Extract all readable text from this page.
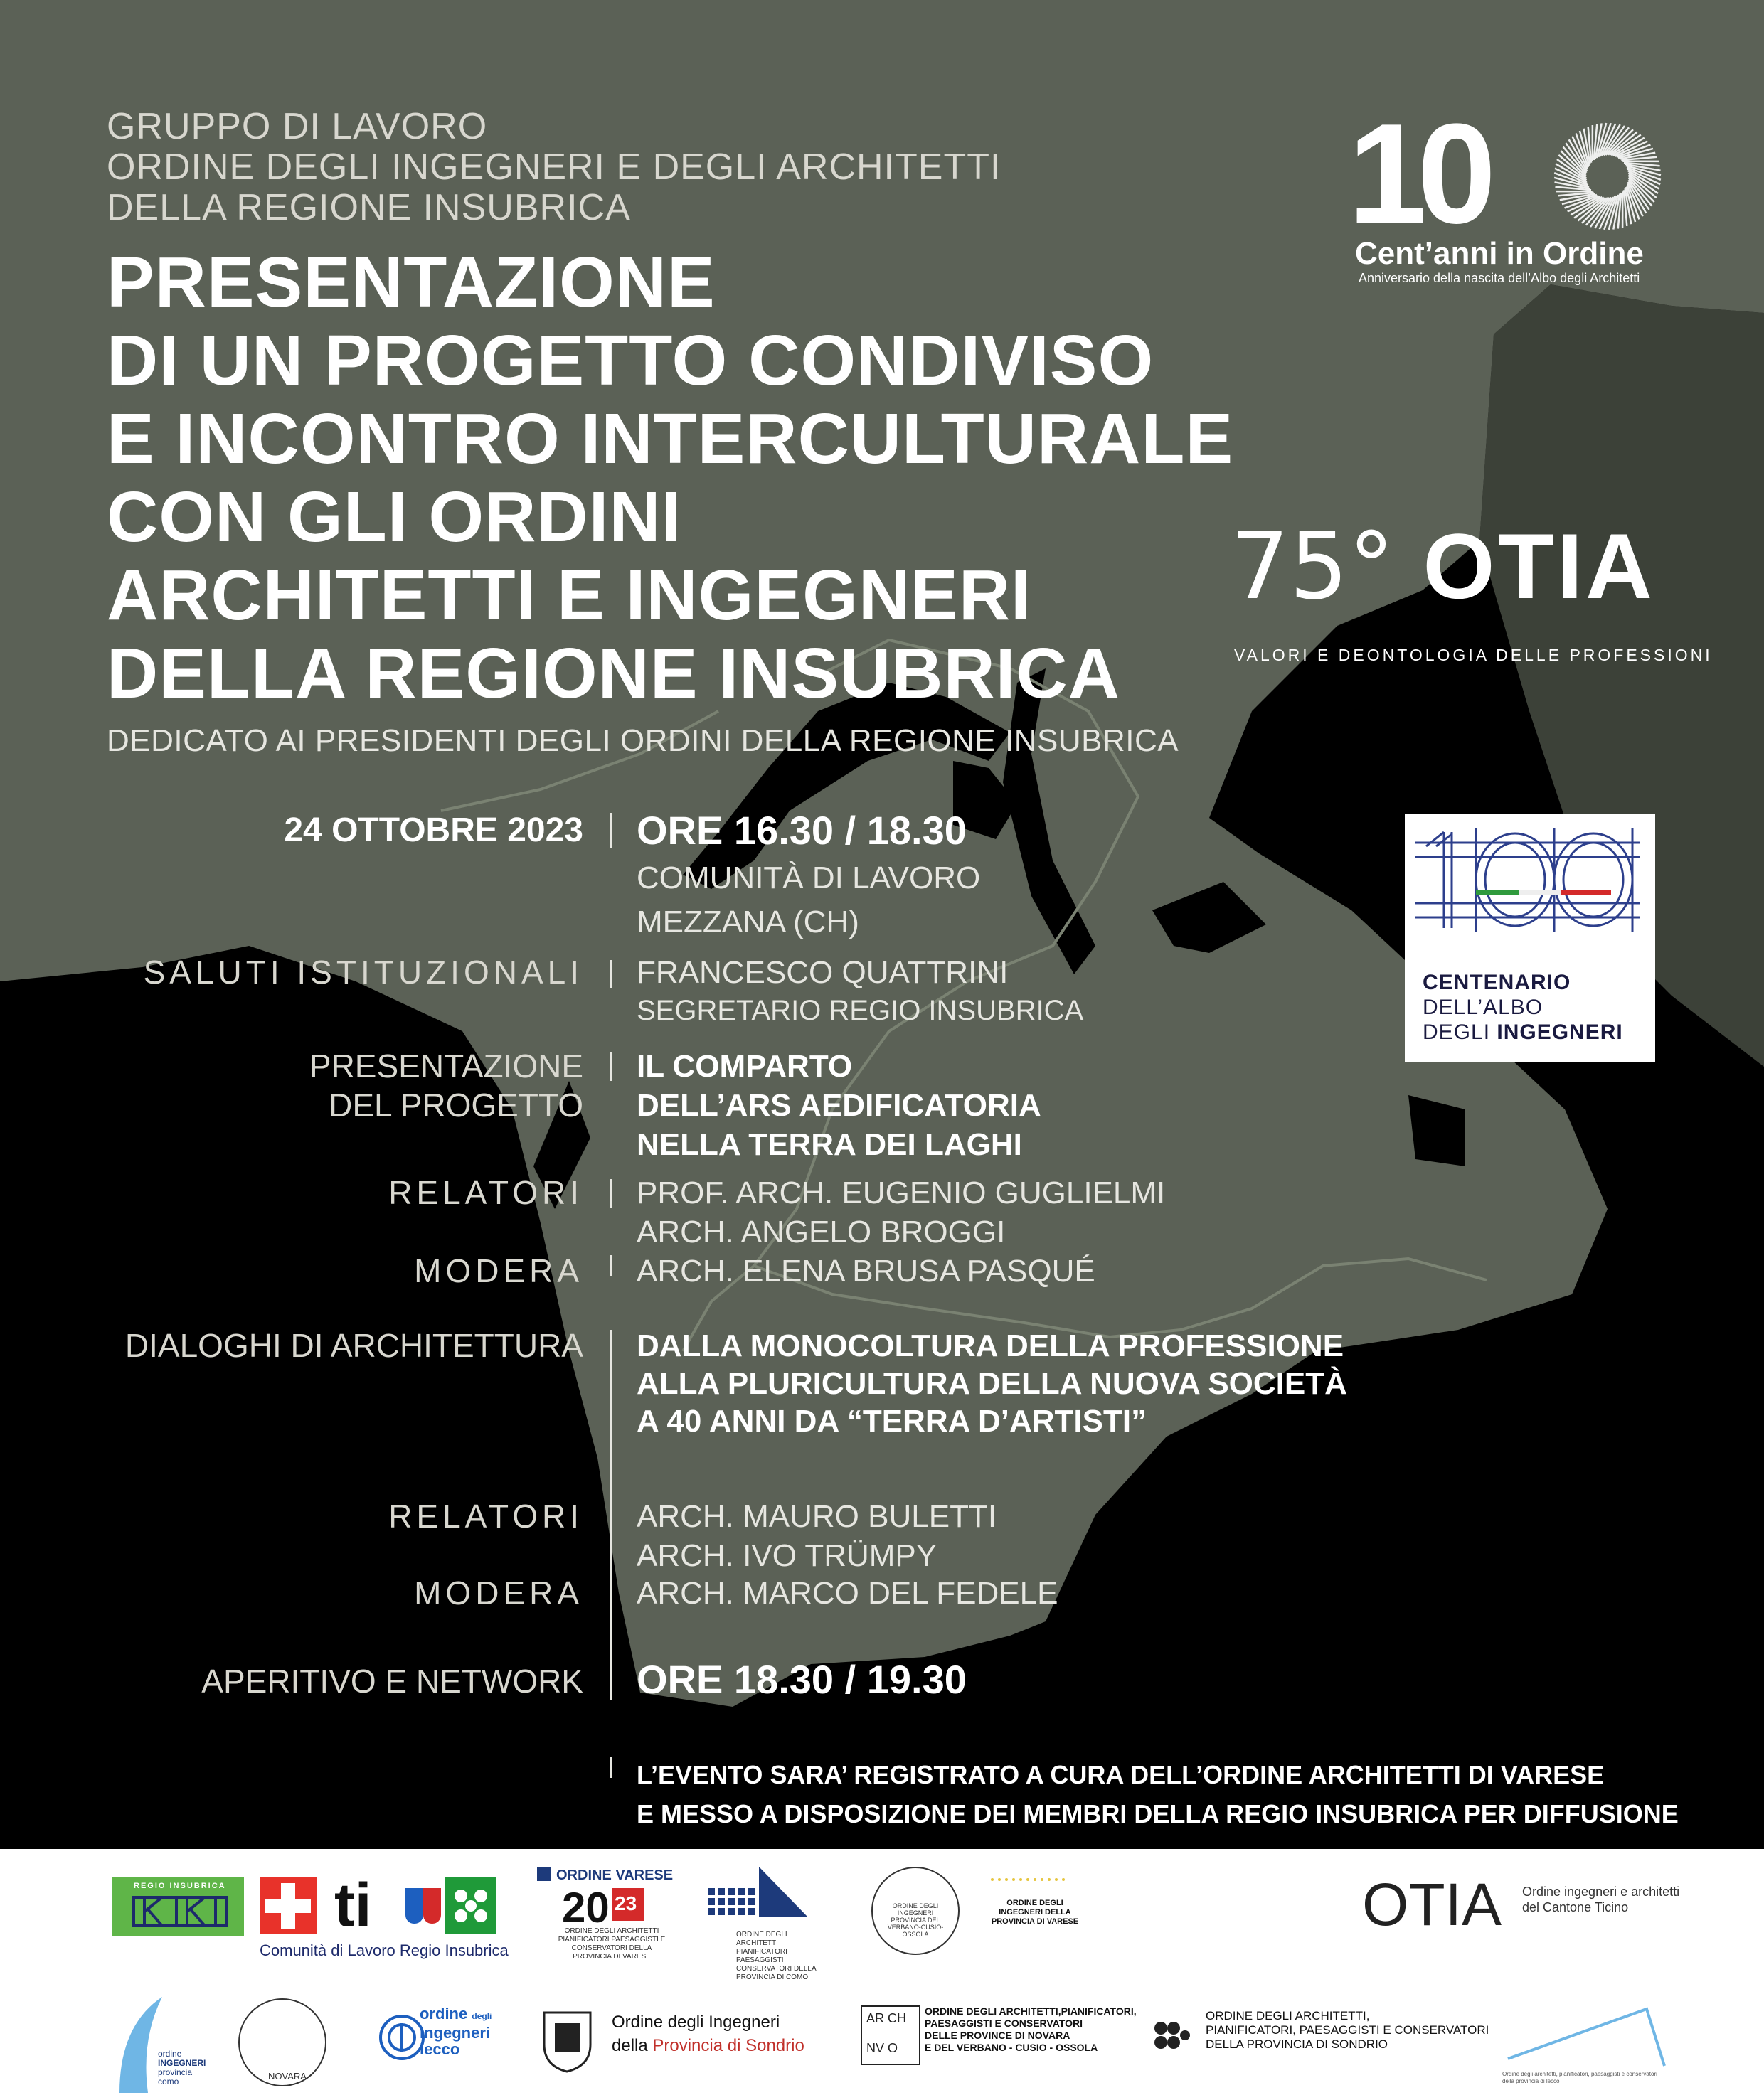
GRUPPO DI LAVORO
ORDINE DEGLI INGEGNERI E DEGLI ARCHITETTI
DELLA REGIONE INSUBRICA
PRESENTAZIONE
DI UN PROGETTO CONDIVISO
E INCONTRO INTERCULTURALE
CON GLI ORDINI
ARCHITETTI E INGEGNERI
DELLA REGIONE INSUBRICA
DEDICATO AI PRESIDENTI DEGLI ORDINI DELLA REGIONE INSUBRICA
10
Cent’anni in Ordine
Anniversario della nascita dell’Albo degli Architetti
75° OTIA
VALORI E DEONTOLOGIA DELLE PROFESSIONI
CENTENARIO
DELL’ALBO
DEGLI INGEGNERI
24 OTTOBRE 2023 ORE 16.30 / 18.30
COMUNITÀ DI LAVORO
MEZZANA (CH)
SALUTI ISTITUZIONALI FRANCESCO QUATTRINI
SEGRETARIO REGIO INSUBRICA
PRESENTAZIONE
DEL PROGETTO
IL COMPARTO
DELL’ARS AEDIFICATORIA
NELLA TERRA DEI LAGHI
RELATORI PROF. ARCH. EUGENIO GUGLIELMI
ARCH. ANGELO BROGGI
MODERA ARCH. ELENA BRUSA PASQUÉ
DIALOGHI DI ARCHITETTURA DALLA MONOCOLTURA DELLA PROFESSIONE
ALLA PLURICULTURA DELLA NUOVA SOCIETÀ
A 40 ANNI DA “TERRA D’ARTISTI”
RELATORI ARCH. MAURO BULETTI
ARCH. IVO TRÜMPY
MODERA ARCH. MARCO DEL FEDELE
APERITIVO E NETWORK ORE 18.30 / 19.30
L’EVENTO SARA’ REGISTRATO A CURA DELL’ORDINE ARCHITETTI DI VARESE
E MESSO A DISPOSIZIONE DEI MEMBRI DELLA REGIO INSUBRICA PER DIFFUSIONE
REGIO INSUBRICA ti
Comunità di Lavoro Regio Insubrica
ORDINE VARESE
20 23
ORDINE DEGLI ARCHITETTI PIANIFICATORI PAESAGGISTI E CONSERVATORI DELLA PROVINCIA DI VARESE
ORDINE DEGLI ARCHITETTI PIANIFICATORI PAESAGGISTI CONSERVATORI DELLA PROVINCIA DI COMO
ORDINE DEGLI INGEGNERI PROVINCIA DEL VERBANO-CUSIO-OSSOLA
ORDINE DEGLI INGEGNERI DELLA PROVINCIA DI VARESE	OTIA Ordine ingegneri e architetti
del Cantone Ticino
ordine
INGEGNERI
provincia
como	NOVARA
ordine degli
ingegneri
lecco
Ordine degli Ingegneri
della Provincia di Sondrio
AR CH
NV O
ORDINE DEGLI ARCHITETTI,PIANIFICATORI,
PAESAGGISTI E CONSERVATORI
DELLE PROVINCE DI NOVARA
E DEL VERBANO - CUSIO - OSSOLA
ORDINE DEGLI ARCHITETTI,
PIANIFICATORI, PAESAGGISTI E CONSERVATORI
DELLA PROVINCIA DI SONDRIO
Ordine degli architetti, pianificatori, paesaggisti e conservatori della provincia di lecco
